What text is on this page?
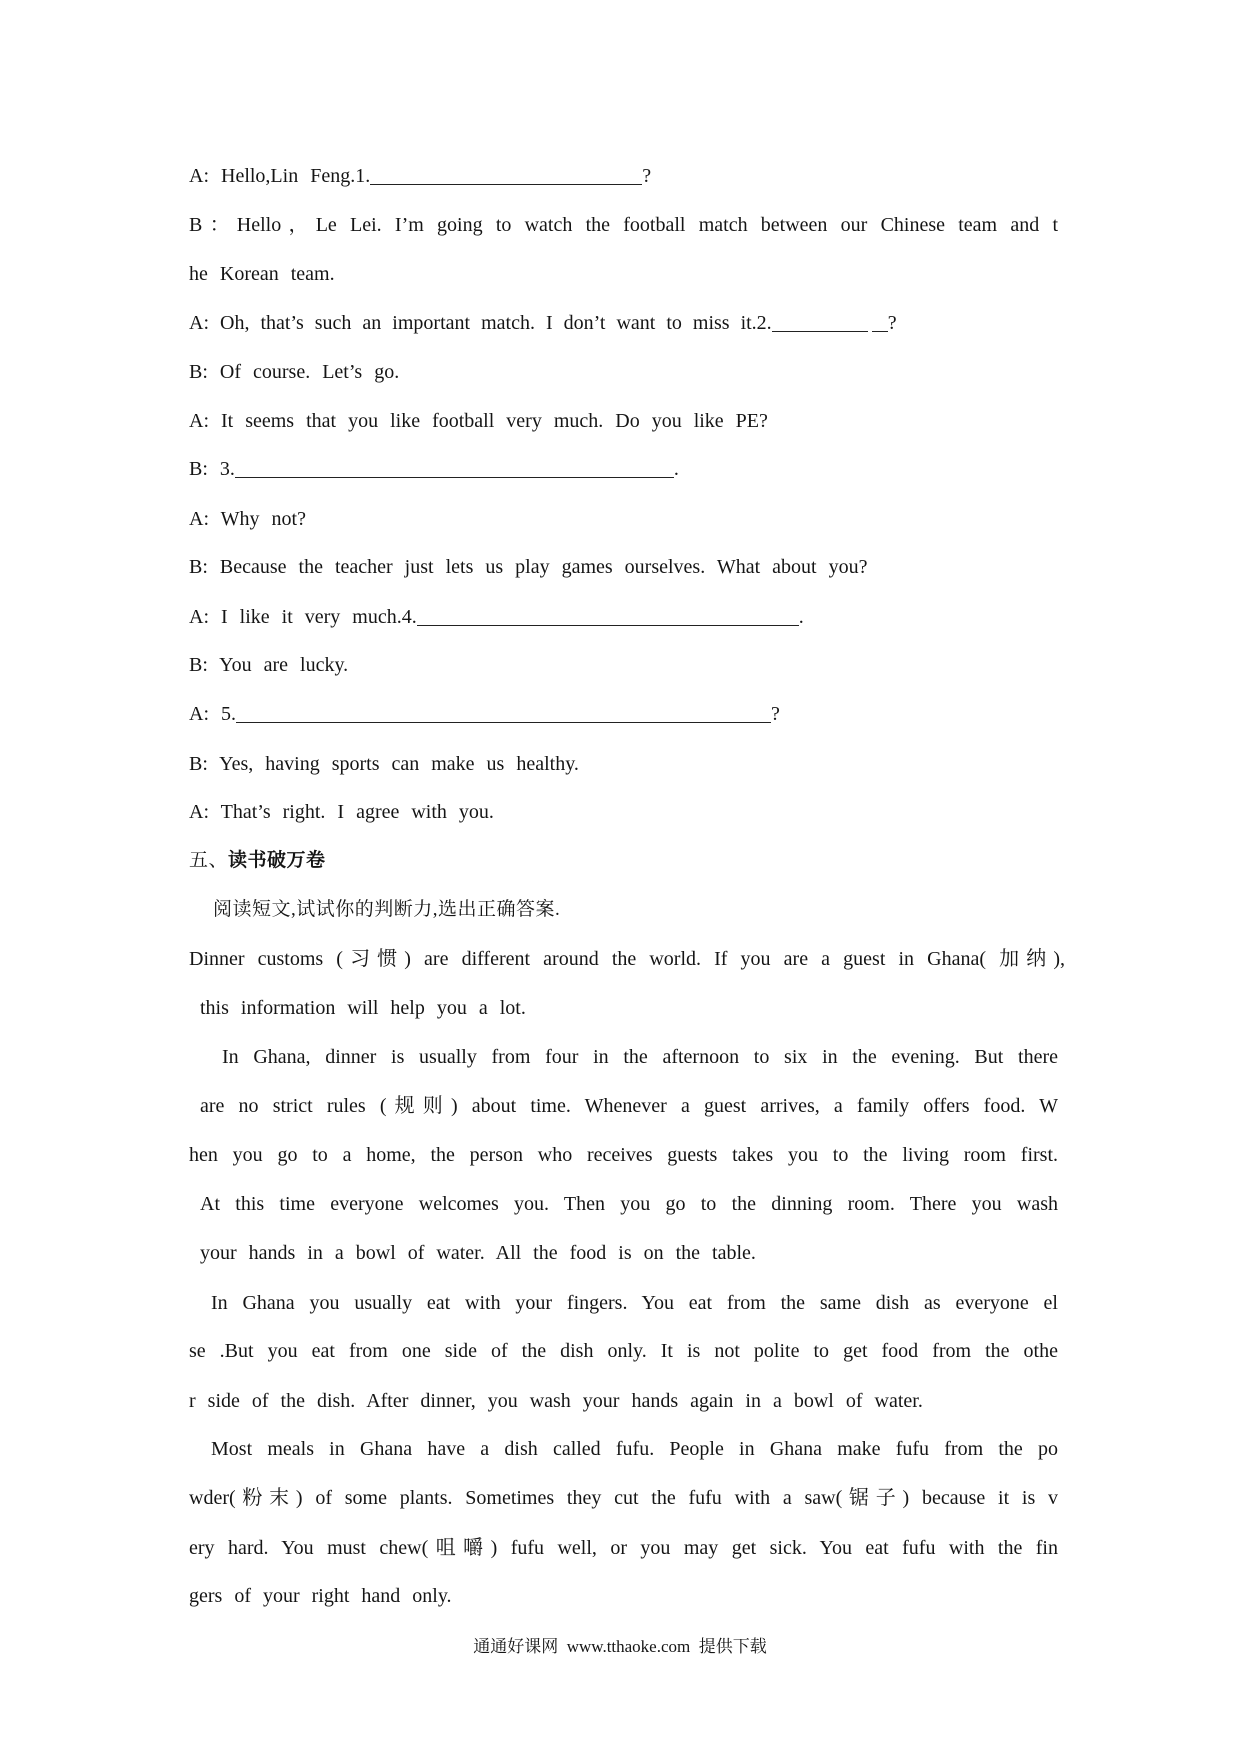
A: Hello,Lin Feng.1.	?
B：Hello，Le Lei. I’m going to watch the football match between our Chinese team and t
he Korean team.
A: Oh, that’s such an important match. I don’t want to miss it.2.	?
B: Of course. Let’s go.
A: It seems that you like football very much. Do you like PE?
B: 3.	.
A: Why not?
B: Because the teacher just lets us play games ourselves. What about you?
A: I like it very much.4.	.
B: You are lucky.
A: 5.	?
B: Yes, having sports can make us healthy.
A: That’s right. I agree with you.
五、读书破万卷
阅读短文,试试你的判断力,选出正确答案.
Dinner customs (习惯) are different around the world. If you are a guest in Ghana( 加纳),
this information will help you a lot.
In Ghana, dinner is usually from four in the afternoon to six in the evening. But there
are no strict rules (规则) about time. Whenever a guest arrives, a family offers food. W
hen you go to a home, the person who receives guests takes you to the living room first.
At this time everyone welcomes you. Then you go to the dinning room. There you wash
your hands in a bowl of water. All the food is on the table.
In Ghana you usually eat with your fingers. You eat from the same dish as everyone el
se .But you eat from one side of the dish only. It is not polite to get food from the othe
r side of the dish. After dinner, you wash your hands again in a bowl of water.
Most meals in Ghana have a dish called fufu. People in Ghana make fufu from the po
wder(粉末) of some plants. Sometimes they cut the fufu with a saw(锯子) because it is v
ery hard. You must chew(咀嚼) fufu well, or you may get sick. You eat fufu with the fin
gers of your right hand only.
通通好课网 www.tthaoke.com 提供下载
